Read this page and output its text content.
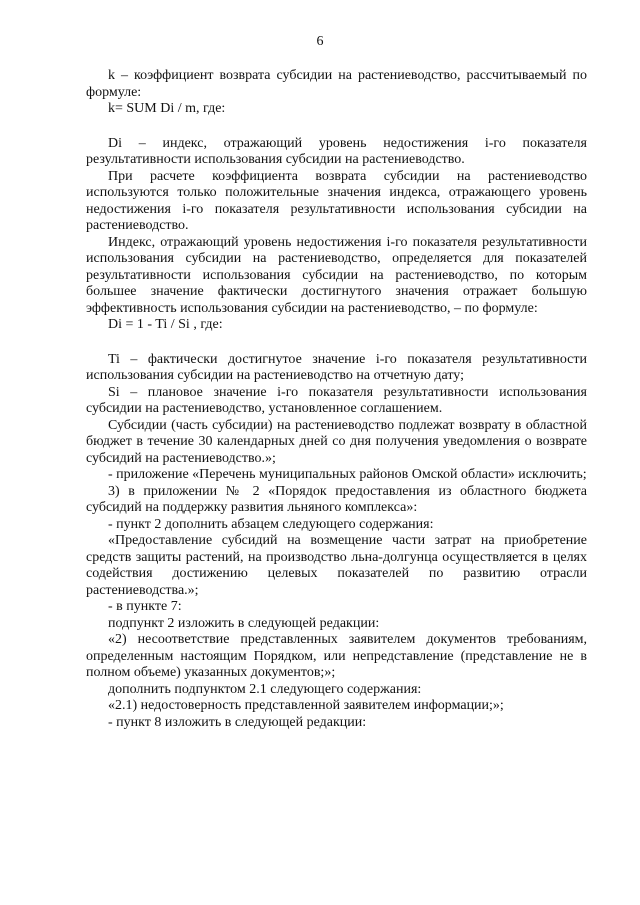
6

k – коэффициент возврата субсидии на растениеводство, рассчитываемый по формуле:

k= SUM Di / m, где:

Di – индекс, отражающий уровень недостижения i-го показателя результативности использования субсидии на растениеводство.

При расчете коэффициента возврата субсидии на растениеводство используются только положительные значения индекса, отражающего уровень недостижения i-го показателя результативности использования субсидии на растениеводство.

Индекс, отражающий уровень недостижения i-го показателя результативности использования субсидии на растениеводство, определяется для показателей результативности использования субсидии на растениеводство, по которым большее значение фактически достигнутого значения отражает большую эффективность использования субсидии на растениеводство, – по формуле:

Di = 1 - Ti / Si , где:

Ti – фактически достигнутое значение i-го показателя результативности использования субсидии на растениеводство на отчетную дату;

Si – плановое значение i-го показателя результативности использования субсидии на растениеводство, установленное соглашением.

Субсидии (часть субсидии) на растениеводство подлежат возврату в областной бюджет в течение 30 календарных дней со дня получения уведомления о возврате субсидий на растениеводство.»;

- приложение «Перечень муниципальных районов Омской области» исключить;

3) в приложении № 2 «Порядок предоставления из областного бюджета субсидий на поддержку развития льняного комплекса»:

- пункт 2 дополнить абзацем следующего содержания:

«Предоставление субсидий на возмещение части затрат на приобретение средств защиты растений, на производство льна-долгунца осуществляется в целях содействия достижению целевых показателей по развитию отрасли растениеводства.»;

- в пункте 7:

подпункт 2 изложить в следующей редакции:

«2) несоответствие представленных заявителем документов требованиям, определенным настоящим Порядком, или непредставление (представление не в полном объеме) указанных документов;»;

дополнить подпунктом 2.1 следующего содержания:

«2.1) недостоверность представленной заявителем информации;»;

- пункт 8 изложить в следующей редакции:
